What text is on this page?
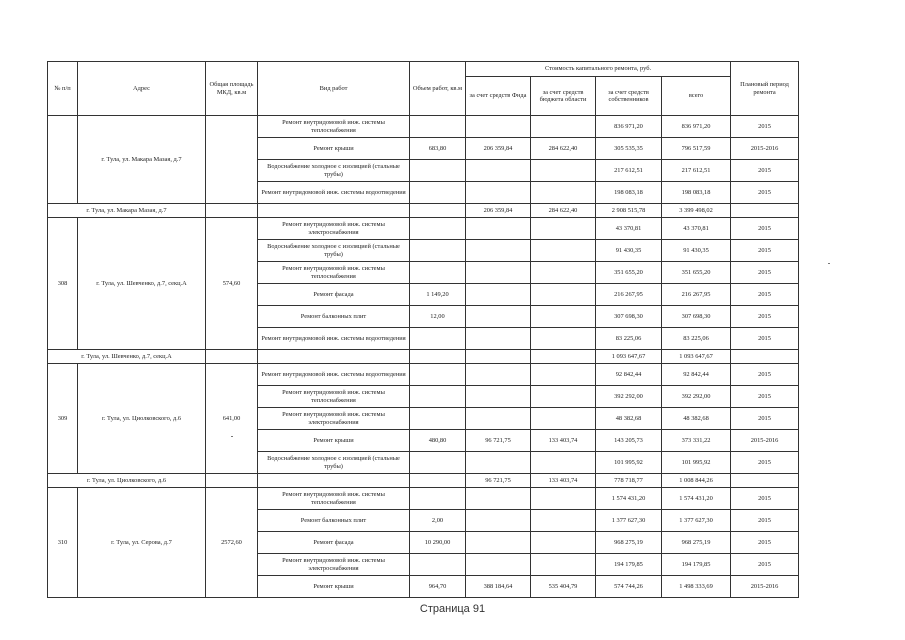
№ п/п	Адрес	Общая площадь МКД, кв.м	Вид работ	Объем работ, кв.м	Стоимость капитального ремонта, руб.				Плановый период ремонта
					за счет средств Фнда	за счет средств бюджета области	за счет средств собственников	всего	
	г. Тула, ул. Макара Мазая, д.7		Ремонт внутридомовой инж. системы теплоснабжения				836 971,20	836 971,20	2015
			Ремонт крыши	683,80	206 359,84	284 622,40	305 535,35	796 517,59	2015-2016
			Водоснабжение холодное с изоляцией (стальные трубы)				217 612,51	217 612,51	2015
			Ремонт внутридомовой инж. системы водоотведения				198 083,18	198 083,18	2015
г. Тула, ул. Макара Мазая, д.7					206 359,84	284 622,40	2 908 515,78	3 399 498,02	
308	г. Тула, ул. Шевченко, д.7, секц.А	574,60	Ремонт внутридомовой инж. системы электроснабжения				43 370,81	43 370,81	2015
			Водоснабжение холодное с изоляцией (стальные трубы)				91 430,35	91 430,35	2015
			Ремонт внутридомовой инж. системы теплоснабжения				351 655,20	351 655,20	2015
			Ремонт фасада	1 149,20			216 267,95	216 267,95	2015
			Ремонт балконных плит	12,00			307 698,30	307 698,30	2015
			Ремонт внутридомовой инж. системы водоотведения				83 225,06	83 225,06	2015
г. Тула, ул. Шевченко, д.7, секц.А							1 093 647,67	1 093 647,67	
309	г. Тула, ул. Циолковского, д.6	641,00	Ремонт внутридомовой инж. системы водоотведения				92 842,44	92 842,44	2015
			Ремонт внутридомовой инж. системы теплоснабжения				392 292,00	392 292,00	2015
			Ремонт внутридомовой инж. системы электроснабжения				48 382,68	48 382,68	2015
			Ремонт крыши	480,80	96 721,75	133 403,74	143 205,73	373 331,22	2015-2016
			Водоснабжение холодное с изоляцией (стальные трубы)				101 995,92	101 995,92	2015
г. Тула, ул. Циолковского, д.6					96 721,75	133 403,74	778 718,77	1 008 844,26	
310	г. Тула, ул. Серова, д.7	2572,60	Ремонт внутридомовой инж. системы теплоснабжения				1 574 431,20	1 574 431,20	2015
			Ремонт балконных плит	2,00			1 377 627,30	1 377 627,30	2015
			Ремонт фасада	10 290,00			968 275,19	968 275,19	2015
			Ремонт внутридомовой инж. системы электроснабжения				194 179,85	194 179,85	2015
			Ремонт крыши	964,70	388 184,64	535 404,79	574 744,26	1 498 333,69	2015-2016
Страница 91
